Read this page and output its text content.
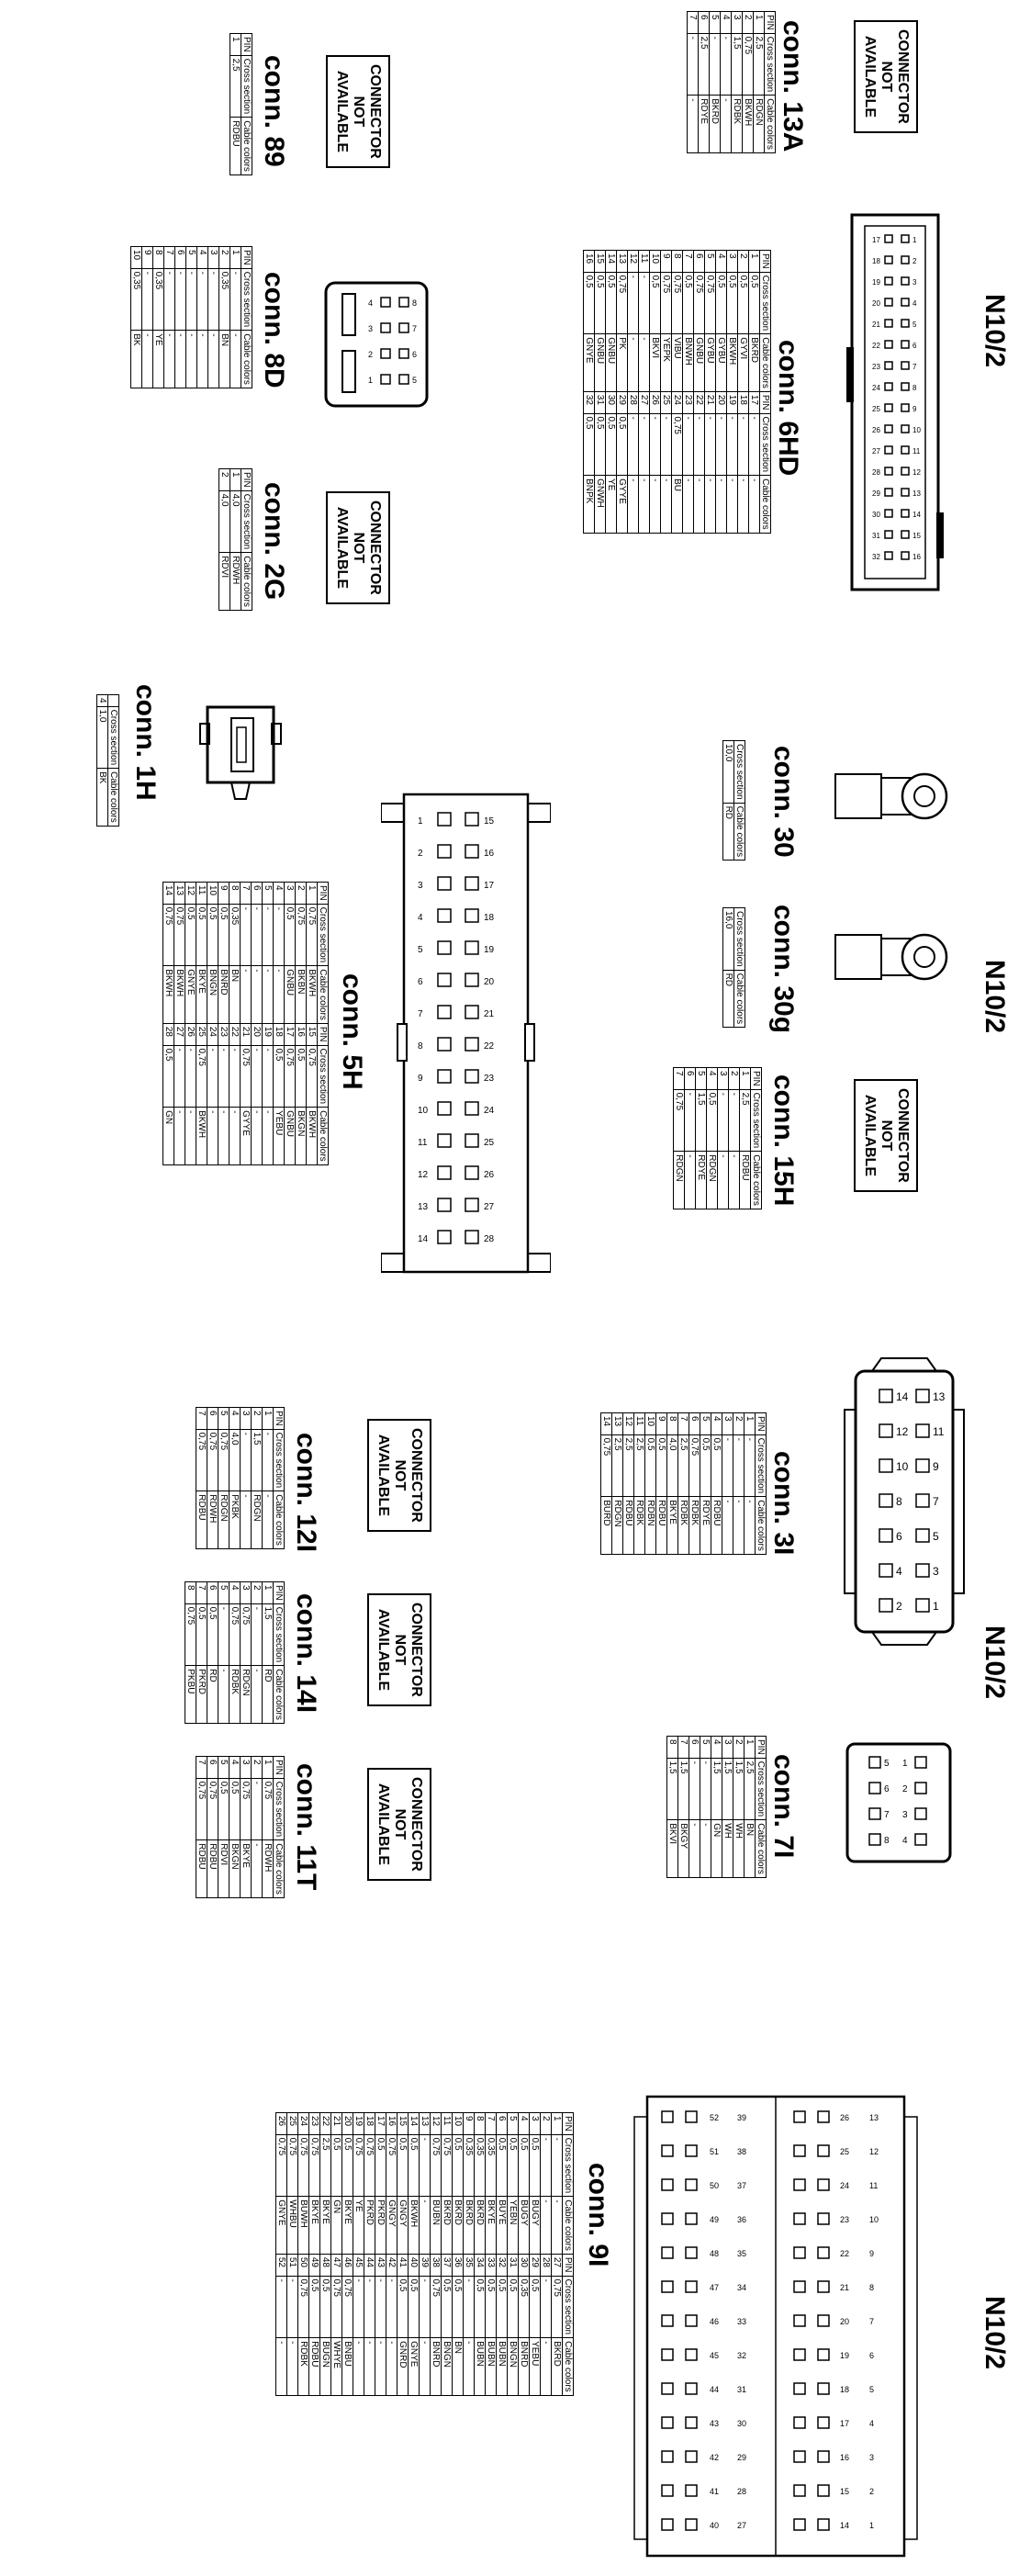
N10/2
N10/2
N10/2
N10/2
CONNECTOR
NOT
AVAILABLE
conn. 13A
PIN	Cross section	Cable colors
1	2,5	RDGN
2	0,75	BKWH
3	1,5	RDBK
4	-	-
5	-	BKRD
6	2,5	RDYE
7	-	-
CONNECTOR
NOT
AVAILABLE
conn. 89
PIN	Cross section	Cable colors
1	2,5	RDBU
17	1
18	2
19	3
20	4
21	5
22	6
23	7
24	8
25	9
26	10
27	11
28	12
29	13
30	14
31	15
32	16
conn. 6HD
PIN	Cross section	Cable colors	PIN	Cross section	Cable colors
1	0,5	BKRD	17	-	-
2	0,5	GYVI	18	-	-
3	0,5	BKWH	19	-	-
4	0,5	GYBU	20	-	-
5	0,75	GYBU	21	-	-
6	0,75	GNBU	22	-	-
7	0,5	BNWH	23	-	-
8	0,75	VIBU	24	0,75	BU
9	0,75	YEPK	25	-	-
10	0,5	BKVI	26	-	-
11	-	-	27	-	-
12	-	-	28	-	-
13	0,75	PK	29	0,5	GYYE
14	0,5	GNBU	30	0,5	YE
15	0,5	GNBU	31	0,5	GNWH
16	0,5	GNYE	32	0,5	BNPK
4	8
3	7
2	6
1	5
conn. 8D
PIN	Cross section	Cable colors
1	-	-
2	0,35	BN
3	-	-
4	-	-
5	-	-
6	-	-
7	-	-
8	0,35	YE
9	-	-
10	0,35	BK
CONNECTOR
NOT
AVAILABLE
conn. 2G
PIN	Cross section	Cable colors
1	4,0	RDWH
2	4,0	RDVI
conn. 1H
	Cross section	Cable colors
4	1,0	BK	conn. 30
Cross section	Cable colors
10,0	RD
conn. 30g
Cross section	Cable colors
16,0	RD
CONNECTOR
NOT
AVAILABLE
conn. 15H
PIN	Cross section	Cable colors
1	2,5	RDBU
2	-	-
3	-	-
4	0,5	RDGN
5	1,5	RDYE
6	-	-
7	0,75	RDGN
1	15
2	16
3	17
4	18
5	19
6	20
7	21
8	22
9	23
10	24
11	25
12	26
13	27
14	28
conn. 5H
PIN	Cross section	Cable colors	PIN	Cross section	Cable colors
1	0,75	BKWH	15	0,75	BKWH
2	0,75	BKBN	16	0,5	BKGN
3	0,5	GNBU	17	0,75	GNBU
4	-	-	18	0,5	YEBU
5	-	-	19	-	-
6	-	-	20	-	-
7	-	-	21	0,75	GYYE
8	0,35	BN	22	-	-
9	0,5	BNRD	23	-	-
10	0,5	BNGN	24	-	-
11	0,5	BKYE	25	0,75	BKWH
12	0,5	GNYE	26	-	-
13	0,75	BKWH	27	-	-
14	0,75	BKWH	28	0,5	GN
CONNECTOR
NOT
AVAILABLE
conn. 12I
PIN	Cross section	Cable colors
1	-	-
2	1,5	RDGN
3	-	-
4	4,0	PKBK
5	0,75	RDGN
6	0,75	RDWH
7	0,75	RDBU
CONNECTOR
NOT
AVAILABLE
conn. 14I
PIN	Cross section	Cable colors
1	1,5	RD
2	-	-
3	0,75	RDGN
4	0,75	RDBK
5	-	-
6	0,5	RD
7	0,5	PKRD
8	0,75	PKBU
CONNECTOR
NOT
AVAILABLE
conn. 11T
PIN	Cross section	Cable colors
1	0,75	RDWH
2	-	-
3	0,75	BKYE
4	0,5	BKGN
5	0,5	RDVI
6	0,75	RDBU
7	0,75	RDBU
14 13
12 11
10 9
8	7
6	5
4	3
2	1
conn. 3I
PIN	Cross section	Cable colors
1	-	-
2	-	-
3	-	-
4	0,5	RDBU
5	0,5	RDYE
6	0,75	RDBK
7	2,5	RDBK
8	4,0	BKYE
9	0,5	RDBU
10	0,5	RDBN
11	2,5	RDBK
12	2,5	RDBU
13	2,5	RDGN
14	0,75	BURD
5 1
6 2
7 3
8 4
conn. 7I
PIN	Cross section	Cable colors
1	2,5	BN
2	1,5	WH
3	1,5	WH
4	1,5	GN
5	-	-
6	-	-
7	1,5	BKGY
8	1,5	BKVI
52 39	26 13
51 38	25 12
50 37	24 11
49 36	23 10
48 35	22 9
47 34	21 8
46 33	20 7
45 32	19 6
44 31	18 5
43 30	17 4
42 29	16 3
41 28	15 2
40 27	14 1
conn. 9I
PIN	Cross section	Cable colors	PIN	Cross section	Cable colors
1	-	-	27	0,75	BKRD
2	-	-	28	-	-
3	0,5	BUGY	29	0,5	YEBU
4	0,5	BUGY	30	0,35	BNRD
5	0,5	YEBN	31	0,5	BNGN
6	0,5	BUYE	32	0,5	BUBN
7	0,35	BKYE	33	0,5	BUBN
8	0,35	BKRD	34	0,5	BUBN
9	0,35	BKRD	35	-	-
10	0,5	BKRD	36	0,5	BN
11	0,75	BKRD	37	0,5	BNGN
12	0,75	BUBN	38	0,75	BNRD
13	-	-	39	-	-
14	0,5	BKWH	40	0,5	GNYE
15	0,5	GNGY	41	0,5	GNRD
16	0,75	GNGY	42	-	-
17	0,5	PKRD	43	-	-
18	0,75	PKRD	44	-	-
19	0,75	YE	45	-	-
20	0,5	BKYE	46	0,75	BNBU
21	0,5	GN	47	0,75	WHYE
22	2,5	BKYE	48	0,5	BUGN
23	0,75	BKYE	49	0,5	RDBU
24	0,75	BUWH	50	0,75	RDBK
25	0,75	WHBU	51	-	-
26	0,75	GNYE	52	-	-
